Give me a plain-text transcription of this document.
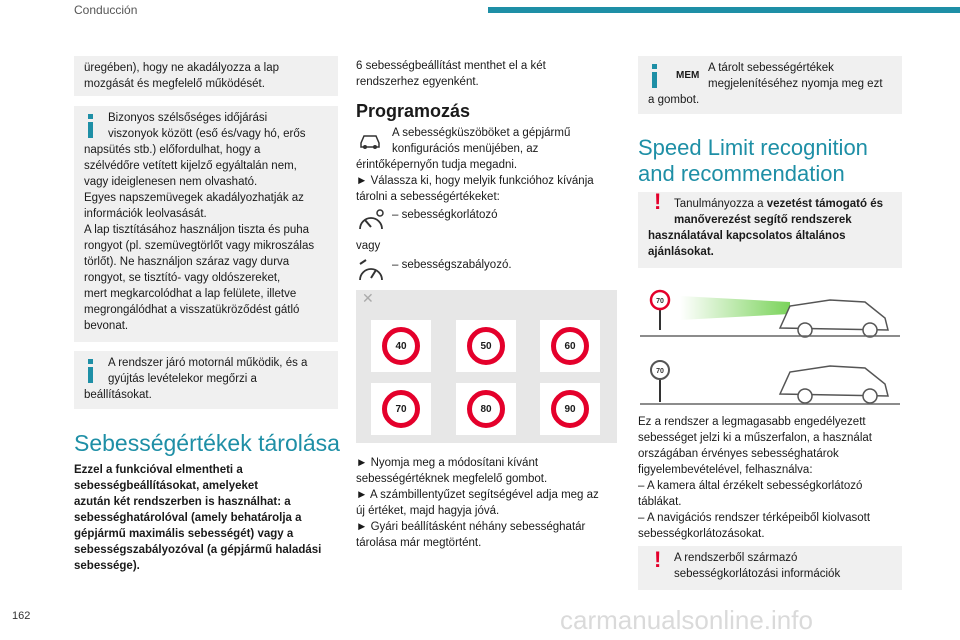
Conducción
162

üregében), hogy ne akadályozza a lap mozgását és megfelelő működését.

Bizonyos szélsőséges időjárási
viszonyok között (eső és/vagy hó, erős
napsütés stb.) előfordulhat, hogy a
szélvédőre vetített kijelző egyáltalán nem,
vagy ideiglenesen nem olvasható.
Egyes napszemüvegek akadályozhatják az
információk leolvasását.
A lap tisztításához használjon tiszta és puha
rongyot (pl. szemüvegtörlőt vagy mikroszálas
törlőt). Ne használjon száraz vagy durva
rongyot, se tisztító- vagy oldószereket,
mert megkarcolódhat a lap felülete, illetve
megrongálódhat a visszatükröződést gátló
bevonat.
A rendszer járó motornál működik, és a
gyújtás levételekor megőrzi a
beállításokat.
Sebességértékek tárolása

Ezzel a funkcióval elmentheti a

sebességbeállításokat, amelyeket

azután két rendszerben is használhat: a

sebességhatárolóval (amely behatárolja a

gépjármű maximális sebességét) vagy a

sebességszabályozóval (a gépjármű haladási

sebessége).

6 sebességbeállítást menthet el a két

rendszerhez egyenként.

Programozás
A sebességküszöböket a gépjármű
konfigurációs menüjében, az
érintőképernyőn tudja megadni.
► Válassza ki, hogy melyik funkcióhoz kívánja
tárolni a sebességértékeket:
– sebességkorlátozó
vagy
– sebességszabályozó.
✕
40	50	60
70	80	90

► Nyomja meg a módosítani kívánt

sebességértéknek megfelelő gombot.

► A számbillentyűzet segítségével adja meg az

új értéket, majd hagyja jóvá.

► Gyári beállításként néhány sebességhatár

tárolása már megtörtént.

MEM
A tárolt sebességértékek
megjelenítéséhez nyomja meg ezt
a gombot.
Speed Limit recognition
and recommendation
! Tanulmányozza a vezetést támogató és
manőverezést segítő rendszerek
használatával kapcsolatos általános
ajánlásokat.
70
70

Ez a rendszer a legmagasabb engedélyezett

sebességet jelzi ki a műszerfalon, a használat

országában érvényes sebességhatárok

figyelembevételével, felhasználva:

– A kamera által érzékelt sebességkorlátozó

táblákat.

– A navigációs rendszer térképeiből kiolvasott

sebességkorlátozásokat.

! A rendszerből származó
sebességkorlátozási információk
carmanualsonline.info
